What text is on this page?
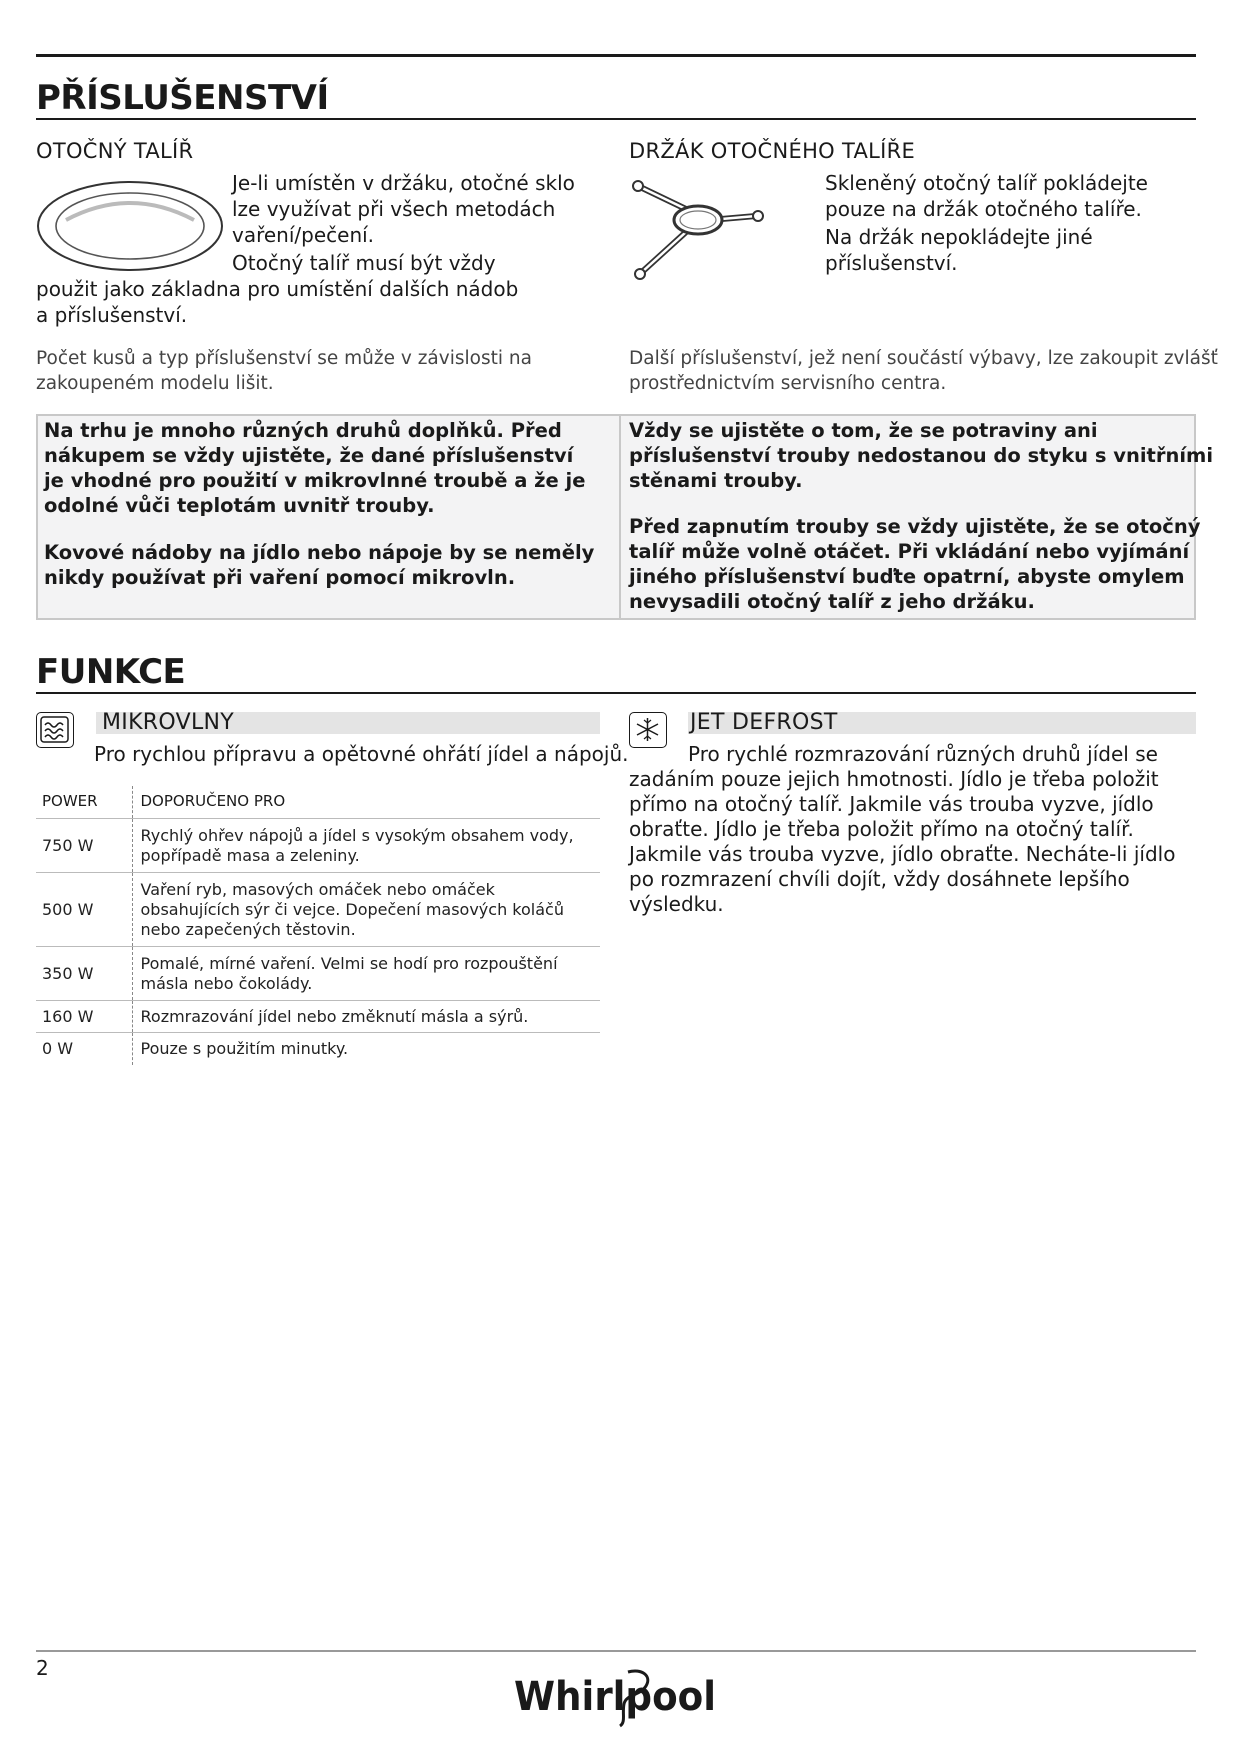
PŘÍSLUŠENSTVÍ
OTOČNÝ TALÍŘ
Je-li umístěn v držáku, otočné sklo
lze využívat při všech metodách
vaření/pečení.
Otočný talíř musí být vždy
použit jako základna pro umístění dalších nádob
a příslušenství.
DRŽÁK OTOČNÉHO TALÍŘE
Skleněný otočný talíř pokládejte
pouze na držák otočného talíře.
Na držák nepokládejte jiné
příslušenství.
Počet kusů a typ příslušenství se může v závislosti na
zakoupeném modelu lišit.
Další příslušenství, jež není součástí výbavy, lze zakoupit zvlášť
prostřednictvím servisního centra.
Na trhu je mnoho různých druhů doplňků. Před
nákupem se vždy ujistěte, že dané příslušenství
je vhodné pro použití v mikrovlnné troubě a že je
odolné vůči teplotám uvnitř trouby.
Kovové nádoby na jídlo nebo nápoje by se neměly
nikdy používat při vaření pomocí mikrovln.
Vždy se ujistěte o tom, že se potraviny ani
příslušenství trouby nedostanou do styku s vnitřními
stěnami trouby.
Před zapnutím trouby se vždy ujistěte, že se otočný
talíř může volně otáčet. Při vkládání nebo vyjímání
jiného příslušenství buďte opatrní, abyste omylem
nevysadili otočný talíř z jeho držáku.
FUNKCE
MIKROVLNY
Pro rychlou přípravu a opětovné ohřátí jídel a nápojů.
POWER	DOPORUČENO PRO
750 W	Rychlý ohřev nápojů a jídel s vysokým obsahem vody,
popřípadě masa a zeleniny.

500 W	Vaření ryb, masových omáček nebo omáček
obsahujících sýr či vejce. Dopečení masových koláčů
nebo zapečených těstovin.

350 W	Pomalé, mírné vaření. Velmi se hodí pro rozpouštění
másla nebo čokolády.

160 W	Rozmrazování jídel nebo změknutí másla a sýrů.

0 W	Pouze s použitím minutky.
JET DEFROST
Pro rychlé rozmrazování různých druhů jídel se
zadáním pouze jejich hmotnosti. Jídlo je třeba položit
přímo na otočný talíř. Jakmile vás trouba vyzve, jídlo
obraťte. Jídlo je třeba položit přímo na otočný talíř.
Jakmile vás trouba vyzve, jídlo obraťte. Necháte-li jídlo
po rozmrazení chvíli dojít, vždy dosáhnete lepšího
výsledku.
2
Whirlpool
